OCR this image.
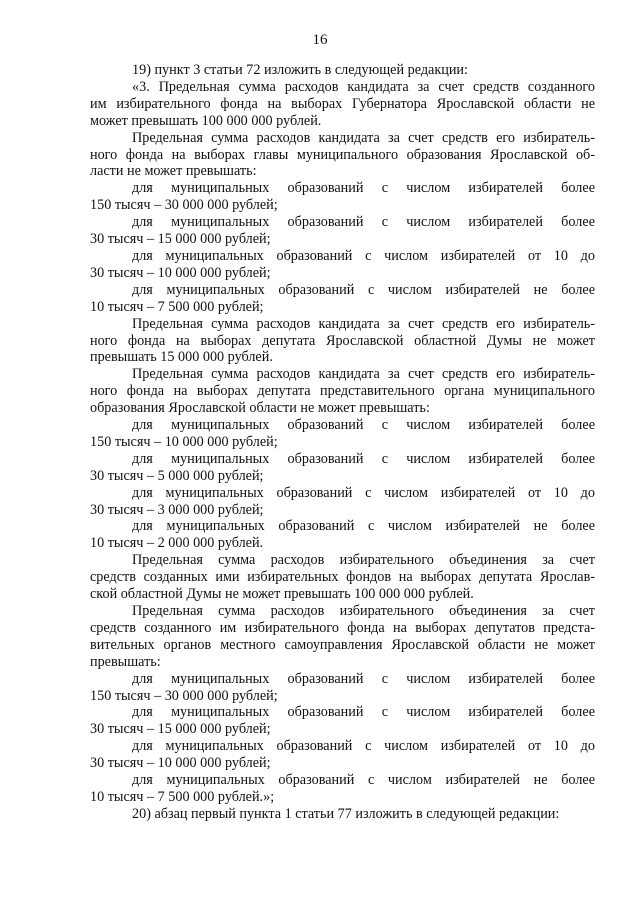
16

19) пункт 3 статьи 72 изложить в следующей редакции:

«3. Предельная сумма расходов кандидата за счет средств созданного
им избирательного фонда на выборах Губернатора Ярославской области не
может превышать 100 000 000 рублей.

Предельная сумма расходов кандидата за счет средств его избиратель-
ного фонда на выборах главы муниципального образования Ярославской об-
ласти не может превышать:

для муниципальных образований с числом избирателей более
150 тысяч – 30 000 000 рублей;

для муниципальных образований с числом избирателей более
30 тысяч – 15 000 000 рублей;

для муниципальных образований с числом избирателей от 10 до
30 тысяч – 10 000 000 рублей;

для муниципальных образований с числом избирателей не более
10 тысяч – 7 500 000 рублей;

Предельная сумма расходов кандидата за счет средств его избиратель-
ного фонда на выборах депутата Ярославской областной Думы не может
превышать 15 000 000 рублей.

Предельная сумма расходов кандидата за счет средств его избиратель-
ного фонда на выборах депутата представительного органа муниципального
образования Ярославской области не может превышать:

для муниципальных образований с числом избирателей более
150 тысяч – 10 000 000 рублей;

для муниципальных образований с числом избирателей более
30 тысяч – 5 000 000 рублей;

для муниципальных образований с числом избирателей от 10 до
30 тысяч – 3 000 000 рублей;

для муниципальных образований с числом избирателей не более
10 тысяч – 2 000 000 рублей.

Предельная сумма расходов избирательного объединения за счет
средств созданных ими избирательных фондов на выборах депутата Ярослав-
ской областной Думы не может превышать 100 000 000 рублей.

Предельная сумма расходов избирательного объединения за счет
средств созданного им избирательного фонда на выборах депутатов предста-
вительных органов местного самоуправления Ярославской области не может
превышать:

для муниципальных образований с числом избирателей более
150 тысяч – 30 000 000 рублей;

для муниципальных образований с числом избирателей более
30 тысяч – 15 000 000 рублей;

для муниципальных образований с числом избирателей от 10 до
30 тысяч – 10 000 000 рублей;

для муниципальных образований с числом избирателей не более
10 тысяч – 7 500 000 рублей.»;

20) абзац первый пункта 1 статьи 77 изложить в следующей редакции:
